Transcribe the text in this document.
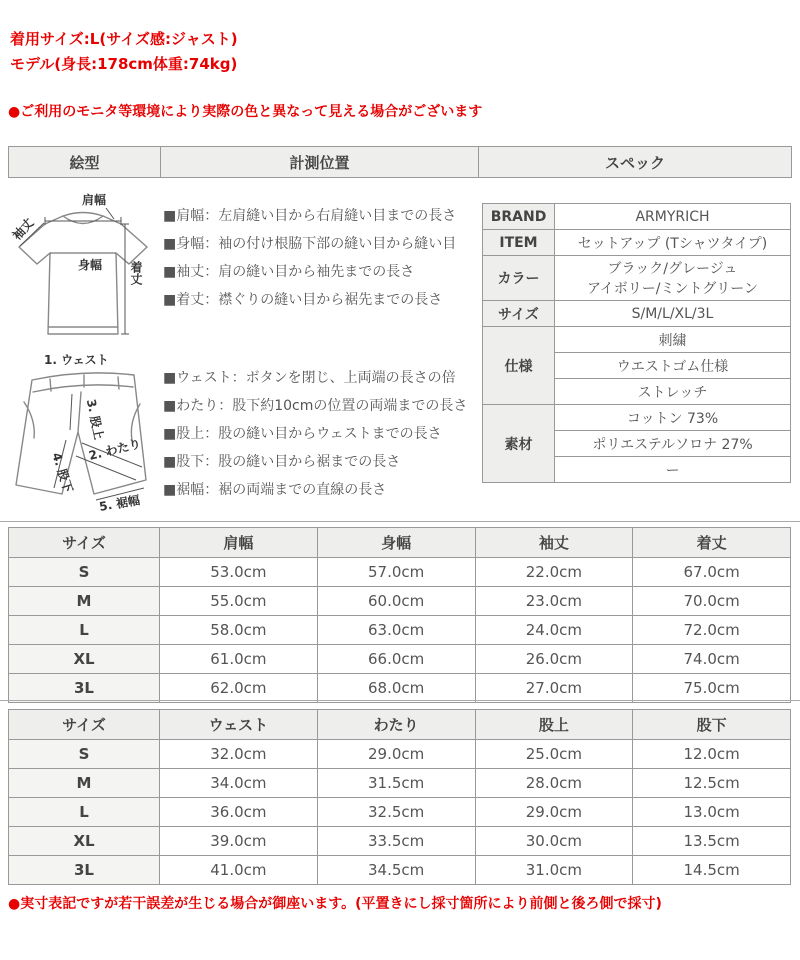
着用サイズ:L(サイズ感:ジャスト)
モデル(身長:178cm体重:74kg)
●ご利用のモニタ等環境により実際の色と異なって見える場合がございます
絵型	計測位置	スペック
肩幅
袖丈
身幅 着丈
1. ウェスト
3. 股上
2. わたり
4. 股下
5. 裾幅
■肩幅：左肩縫い目から右肩縫い目までの長さ
■身幅：袖の付け根脇下部の縫い目から縫い目
■袖丈：肩の縫い目から袖先までの長さ
■着丈：襟ぐりの縫い目から裾先までの長さ
■ウェスト：ボタンを閉じ、上両端の長さの倍
■わたり：股下約10cmの位置の両端までの長さ
■股上：股の縫い目からウェストまでの長さ
■股下：股の縫い目から裾までの長さ
■裾幅：裾の両端までの直線の長さ
BRAND	ARMYRICH
ITEM	セットアップ (Tシャツタイプ)
カラー	ブラック/グレージュ
アイボリー/ミントグリーン

サイズ	S/M/L/XL/3L
仕様	刺繍
	ウエストゴム仕様
	ストレッチ
素材	コットン 73%
	ポリエステルソロナ 27%
	ー
サイズ	肩幅	身幅	袖丈	着丈
S	53.0cm	57.0cm	22.0cm	67.0cm
M	55.0cm	60.0cm	23.0cm	70.0cm
L	58.0cm	63.0cm	24.0cm	72.0cm
XL	61.0cm	66.0cm	26.0cm	74.0cm
3L	62.0cm	68.0cm	27.0cm	75.0cm
サイズ	ウェスト	わたり	股上	股下
S	32.0cm	29.0cm	25.0cm	12.0cm
M	34.0cm	31.5cm	28.0cm	12.5cm
L	36.0cm	32.5cm	29.0cm	13.0cm
XL	39.0cm	33.5cm	30.0cm	13.5cm
3L	41.0cm	34.5cm	31.0cm	14.5cm
●実寸表記ですが若干誤差が生じる場合が御座います。(平置きにし採寸箇所により前側と後ろ側で採寸)
